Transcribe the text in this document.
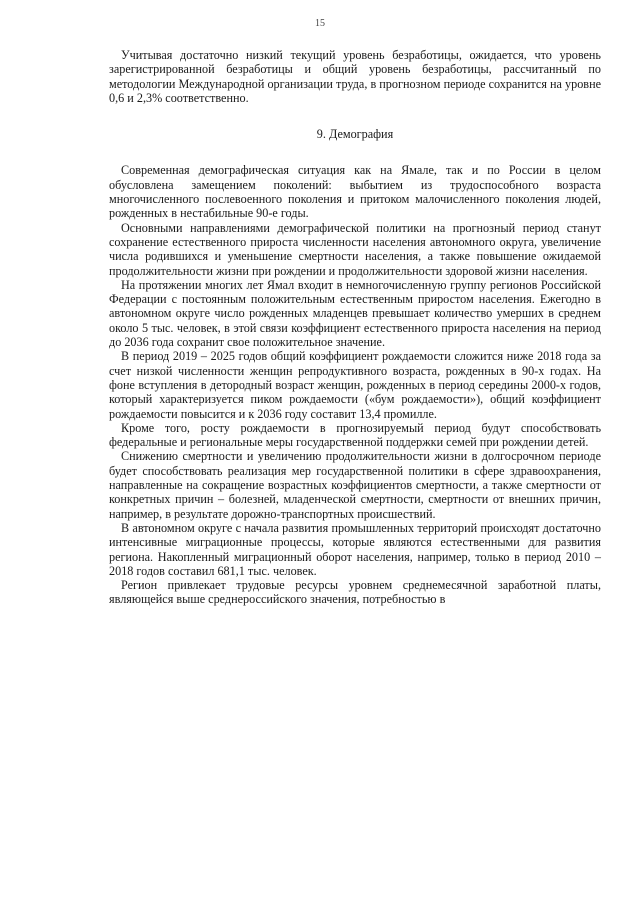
15

Учитывая достаточно низкий текущий уровень безработицы, ожидается, что уровень зарегистрированной безработицы и общий уровень безработицы, рассчитанный по методологии Международной организации труда, в прогнозном периоде сохранится на уровне 0,6 и 2,3% соответственно.

9. Демография

Современная демографическая ситуация как на Ямале, так и по России в целом обусловлена замещением поколений: выбытием из трудоспособного возраста многочисленного послевоенного поколения и притоком малочисленного поколения людей, рожденных в нестабильные 90-е годы.

Основными направлениями демографической политики на прогнозный период станут сохранение естественного прироста численности населения автономного округа, увеличение числа родившихся и уменьшение смертности населения, а также повышение ожидаемой продолжительности жизни при рождении и продолжительности здоровой жизни населения.

На протяжении многих лет Ямал входит в немногочисленную группу регионов Российской Федерации с постоянным положительным естественным приростом населения. Ежегодно в автономном округе число рожденных младенцев превышает количество умерших в среднем около 5 тыс. человек, в этой связи коэффициент естественного прироста населения на период до 2036 года сохранит свое положительное значение.

В период 2019 – 2025 годов общий коэффициент рождаемости сложится ниже 2018 года за счет низкой численности женщин репродуктивного возраста, рожденных в 90-х годах. На фоне вступления в детородный возраст женщин, рожденных в период середины 2000-х годов, который характеризуется пиком рождаемости («бум рождаемости»), общий коэффициент рождаемости повысится и к 2036 году составит 13,4 промилле.

Кроме того, росту рождаемости в прогнозируемый период будут способствовать федеральные и региональные меры государственной поддержки семей при рождении детей.

Снижению смертности и увеличению продолжительности жизни в долгосрочном периоде будет способствовать реализация мер государственной политики в сфере здравоохранения, направленные на сокращение возрастных коэффициентов смертности, а также смертности от конкретных причин – болезней, младенческой смертности, смертности от внешних причин, например, в результате дорожно-транспортных происшествий.

В автономном округе с начала развития промышленных территорий происходят достаточно интенсивные миграционные процессы, которые являются естественными для развития региона. Накопленный миграционный оборот населения, например, только в период 2010 – 2018 годов составил 681,1 тыс. человек.

Регион привлекает трудовые ресурсы уровнем среднемесячной заработной платы, являющейся выше среднероссийского значения, потребностью в
